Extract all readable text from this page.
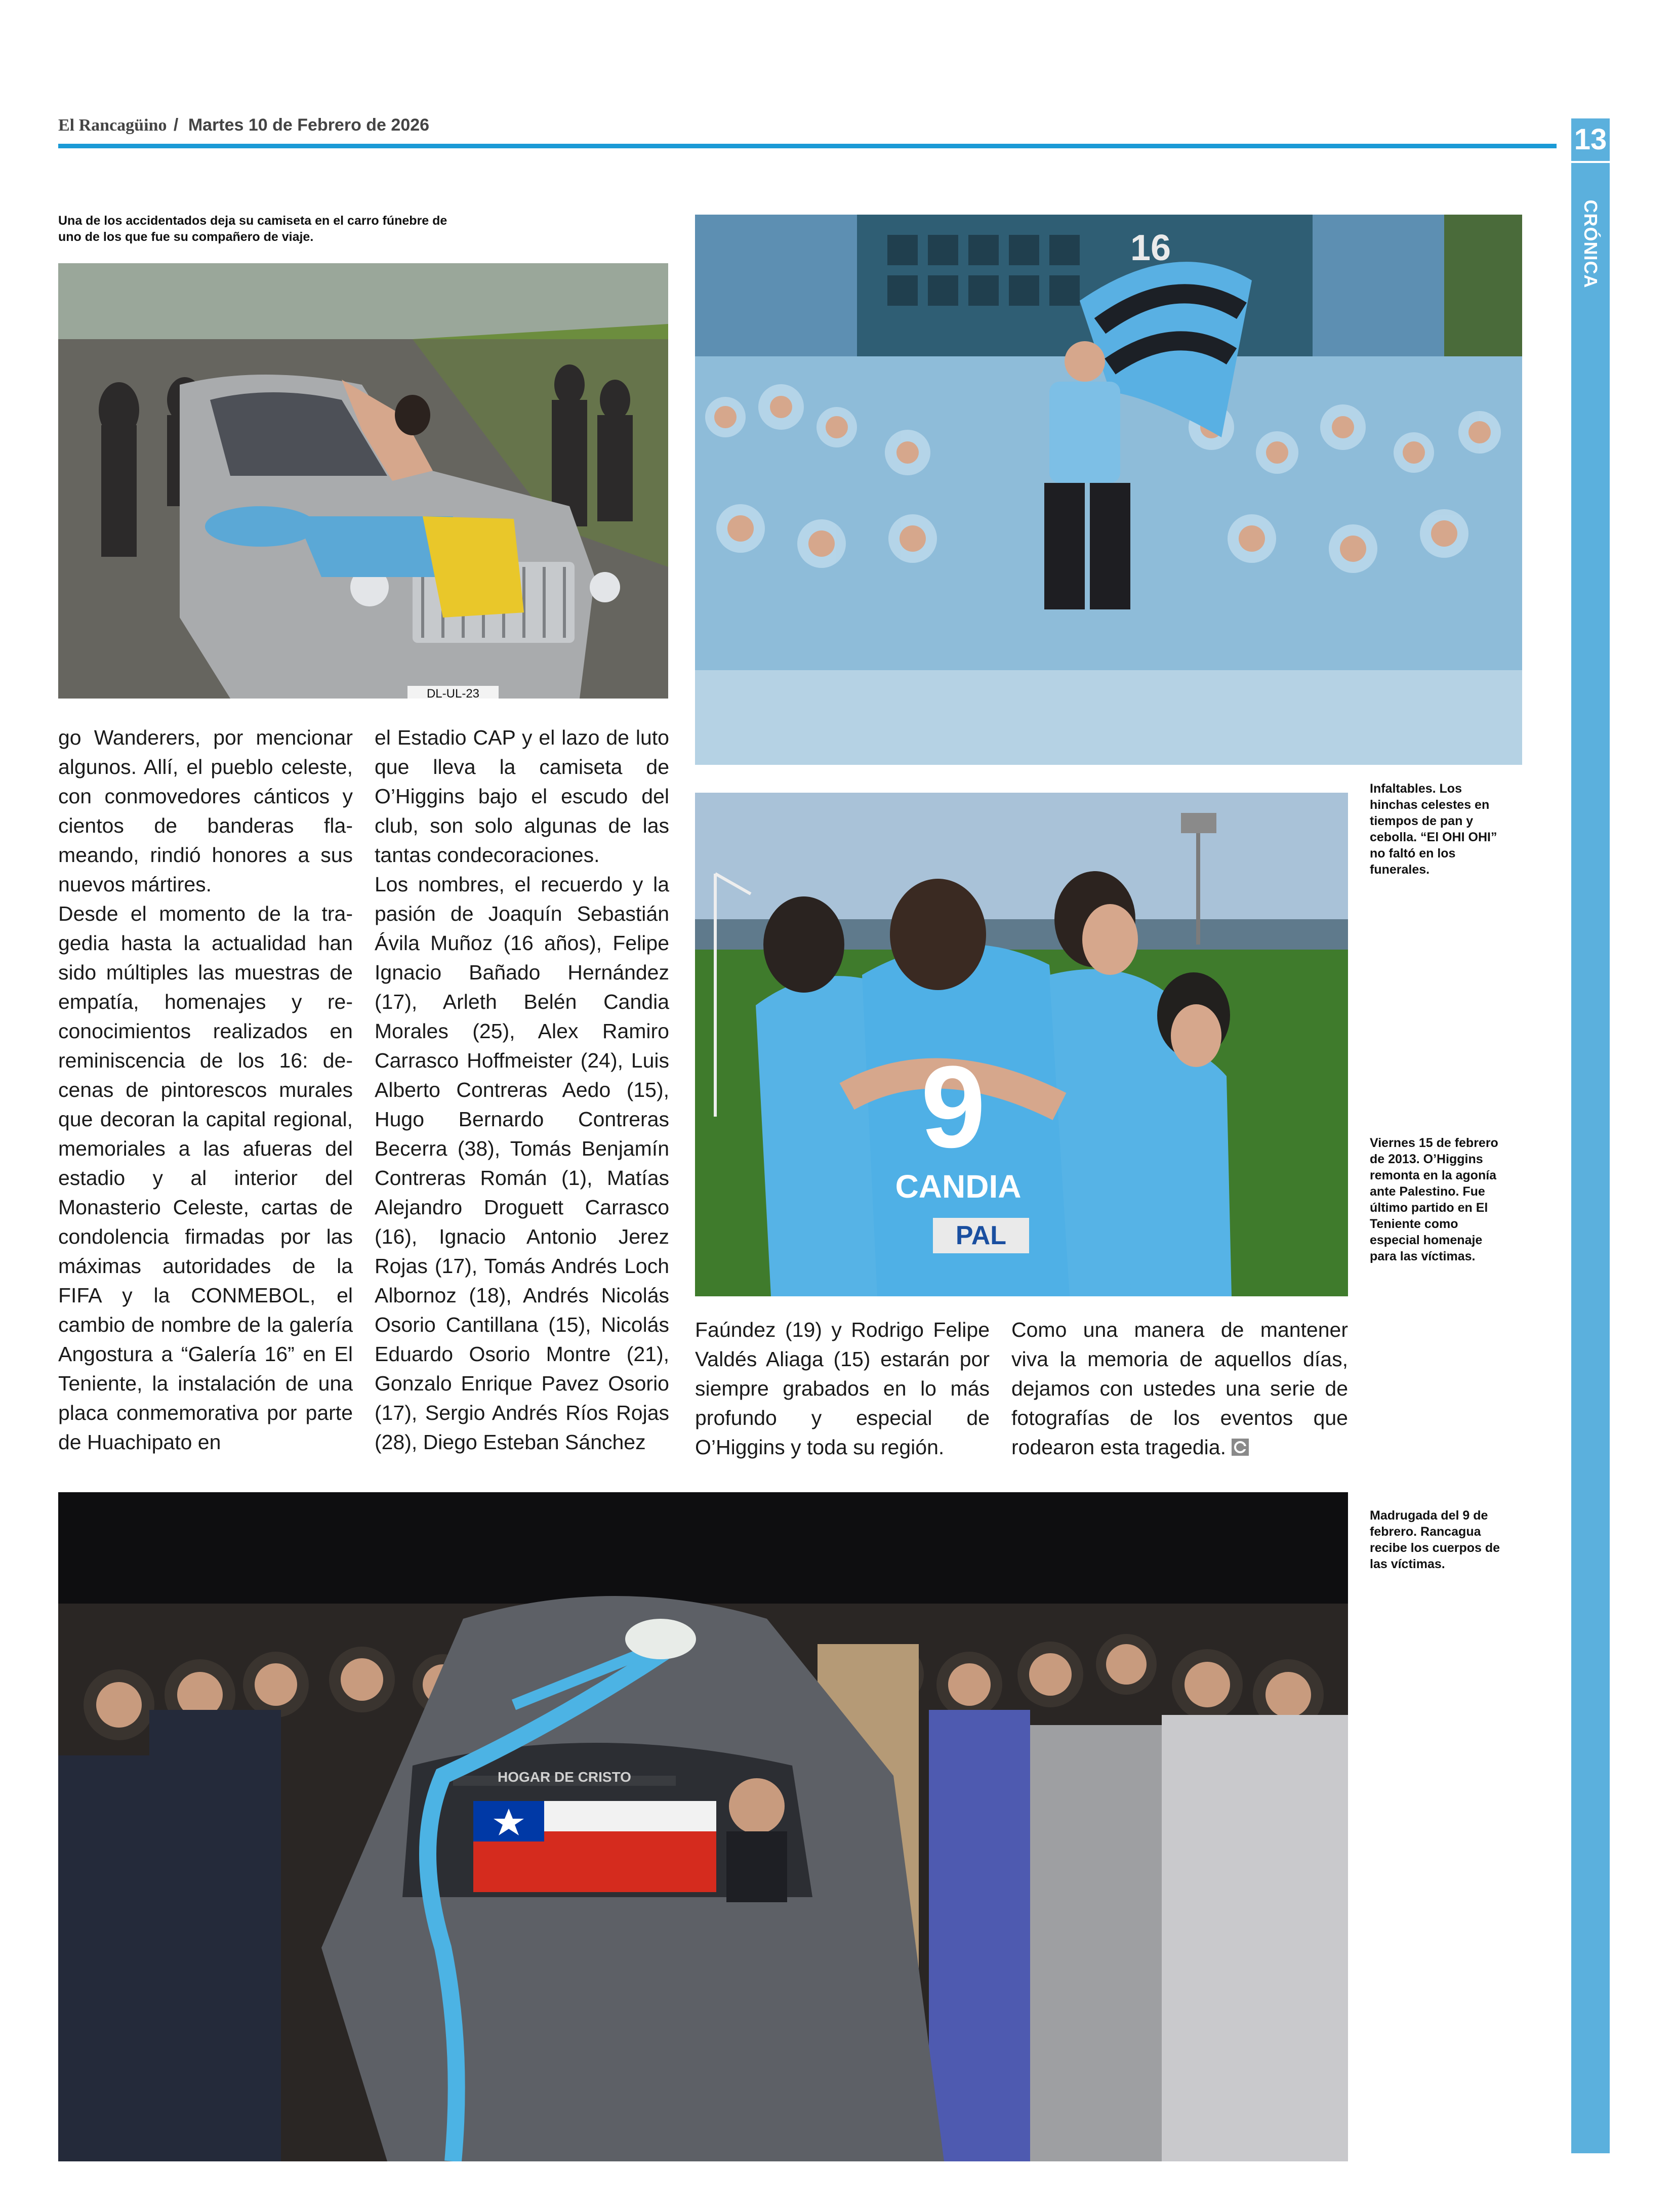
El Rancagüino / Martes 10 de Febrero de 2026	13
CRÓNICA
Una de los accidentados deja su camiseta en el carro fúnebre de uno de los que fue su compañero de viaje.
DL-UL-23
16
Infaltables. Los hinchas celestes en tiempos de pan y cebolla. “El OHI OHI” no faltó en los funerales.
9
CANDIA
PAL
Viernes 15 de febrero de 2013. O’Higgins remonta en la agonía ante Palestino. Fue último partido en El Teniente como especial homenaje para las víctimas.

go Wanderers, por mencionar algunos. Allí, el pueblo celeste, con conmovedores cánticos y cientos de banderas flameando, rindió honores a sus nuevos mártires.

Desde el momento de la tragedia hasta la actualidad han sido múltiples las muestras de empatía, homenajes y reconocimientos realizados en reminiscencia de los 16: decenas de pintorescos murales que decoran la capital regional, memoriales a las afueras del estadio y al interior del Monasterio Celeste, cartas de condolencia firmadas por las máximas autoridades de la FIFA y la CONMEBOL, el cambio de nombre de la galería Angostura a “Galería 16” en El Teniente, la instalación de una placa conmemorativa por parte de Huachipato en

el Estadio CAP y el lazo de luto que lleva la camiseta de O’Higgins bajo el escudo del club, son solo algunas de las tantas condecoraciones.

Los nombres, el recuerdo y la pasión de Joaquín Sebastián Ávila Muñoz (16 años), Felipe Ignacio Bañado Hernández (17), Arleth Belén Candia Morales (25), Alex Ramiro Carrasco Hoffmeister (24), Luis Alberto Contreras Aedo (15), Hugo Bernardo Contreras Becerra (38), Tomás Benjamín Contreras Román (1), Matías Alejandro Droguett Carrasco (16), Ignacio Antonio Jerez Rojas (17), Tomás Andrés Loch Albornoz (18), Andrés Nicolás Osorio Cantillana (15), Nicolás Eduardo Osorio Montre (21), Gonzalo Enrique Pavez Osorio (17), Sergio Andrés Ríos Rojas (28), Diego Esteban Sánchez

Faúndez (19) y Rodrigo Felipe Valdés Aliaga (15) estarán por siempre grabados en lo más profundo y especial de O’Higgins y toda su región.

Como una manera de mantener viva la memoria de aquellos días, dejamos con ustedes una serie de fotografías de los eventos que rodearon esta tragedia.

HOGAR DE CRISTO
Madrugada del 9 de febrero. Rancagua recibe los cuerpos de las víctimas.
